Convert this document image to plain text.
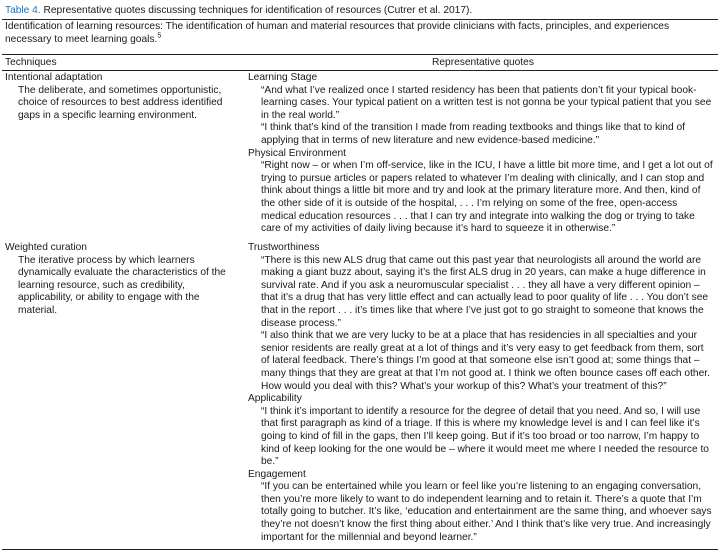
Table 4. Representative quotes discussing techniques for identification of resources (Cutrer et al. 2017).
Identification of learning resources: The identification of human and material resources that provide clinicians with facts, principles, and experiences necessary to meet learning goals.$^5$
Techniques	Representative quotes
Intentional adaptation
The deliberate, and sometimes opportunistic, choice of resources to best address identified gaps in a specific learning environment.
Learning Stage
“And what I’ve realized once I started residency has been that patients don’t fit your typical book-learning cases. Your typical patient on a written test is not gonna be your typical patient that you see in the real world.”
“I think that’s kind of the transition I made from reading textbooks and things like that to kind of applying that in terms of new literature and new evidence-based medicine.”
Physical Environment
“Right now – or when I’m off-service, like in the ICU, I have a little bit more time, and I get a lot out of trying to pursue articles or papers related to whatever I’m dealing with clinically, and I can stop and think about things a little bit more and try and look at the primary literature more. And then, kind of the other side of it is outside of the hospital, . . . I’m relying on some of the free, open-access medical education resources . . . that I can try and integrate into walking the dog or trying to take care of my activities of daily living because it’s hard to squeeze it in otherwise.”
Weighted curation
The iterative process by which learners dynamically evaluate the characteristics of the learning resource, such as credibility, applicability, or ability to engage with the material.
Trustworthiness
“There is this new ALS drug that came out this past year that neurologists all around the world are making a giant buzz about, saying it’s the first ALS drug in 20 years, can make a huge difference in survival rate. And if you ask a neuromuscular specialist . . . they all have a very different opinion – that it’s a drug that has very little effect and can actually lead to poor quality of life . . . You don’t see that in the report . . . it’s times like that where I’ve just got to go straight to someone that knows the disease process.”
“I also think that we are very lucky to be at a place that has residencies in all specialties and your senior residents are really great at a lot of things and it’s very easy to get feedback from them, sort of lateral feedback. There’s things I’m good at that someone else isn’t good at; some things that – many things that they are great at that I’m not good at. I think we often bounce cases off each other. How would you deal with this? What’s your workup of this? What’s your treatment of this?”
Applicability
“I think it’s important to identify a resource for the degree of detail that you need. And so, I will use that first paragraph as kind of a triage. If this is where my knowledge level is and I can feel like it’s going to kind of fill in the gaps, then I’ll keep going. But if it’s too broad or too narrow, I’m happy to kind of keep looking for the one would be – where it would meet me where I needed the resource to be.”
Engagement
“If you can be entertained while you learn or feel like you’re listening to an engaging conversation, then you’re more likely to want to do independent learning and to retain it. There’s a quote that I’m totally going to butcher. It’s like, ‘education and entertainment are the same thing, and whoever says they’re not doesn’t know the first thing about either.’ And I think that’s like very true. And increasingly important for the millennial and beyond learner.”
